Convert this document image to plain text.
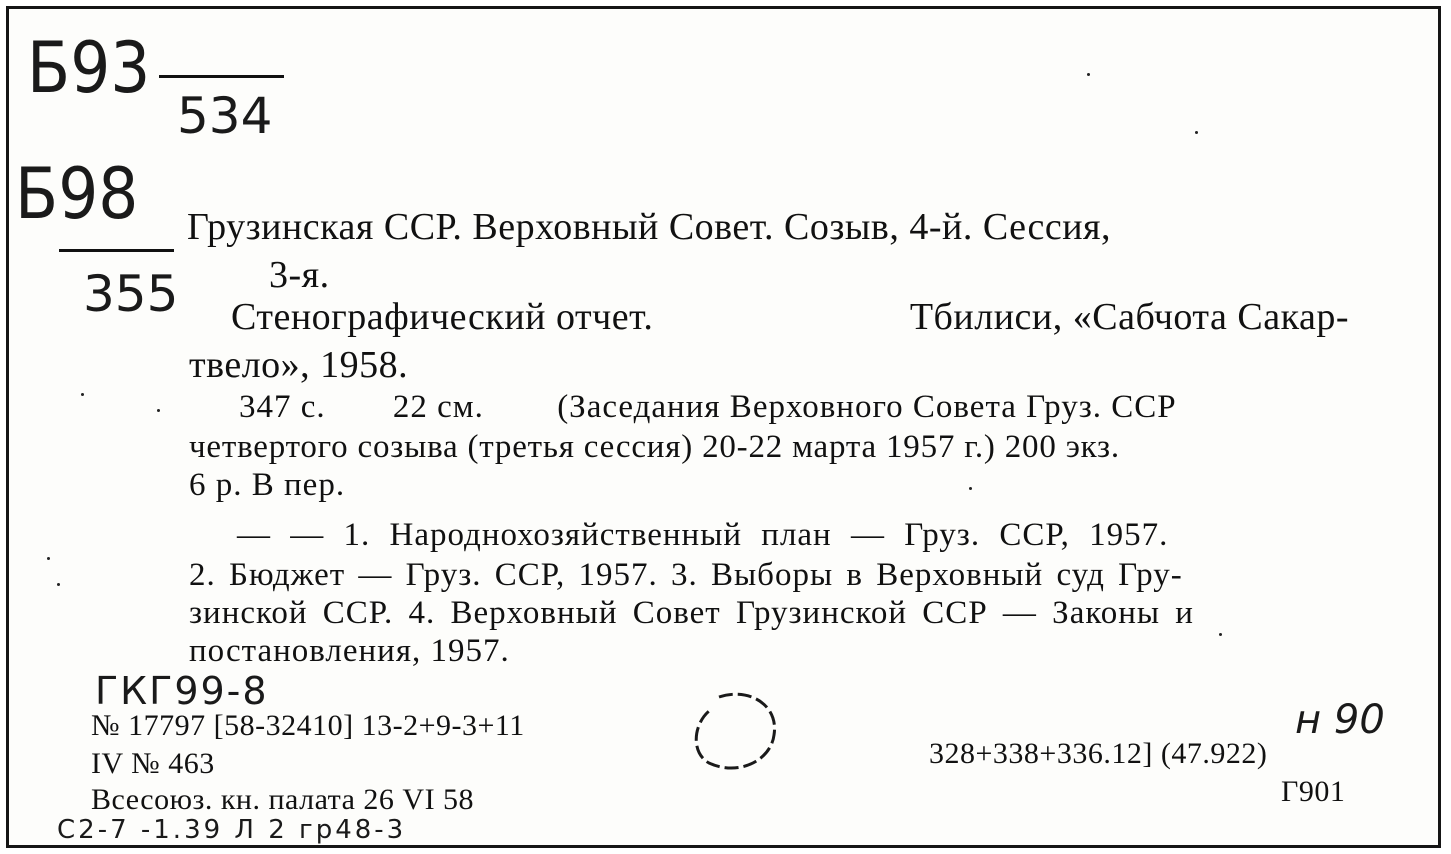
Б93
534
Б98
355
Грузинская ССР. Верховный Совет. Созыв, 4-й. Сессия,
3-я.
Стенографический отчет.	Тбилиси, «Сабчота Сакар-
твело», 1958.
347 с. 22 см. (Заседания Верховного Совета Груз. ССР
четвертого созыва (третья сессия) 20-22 марта 1957 г.) 200 экз.
6 р. В пер.
— — 1. Народнохозяйственный план — Груз. ССР, 1957.
2. Бюджет — Груз. ССР, 1957. 3. Выборы в Верховный суд Гру-
зинской ССР. 4. Верховный Совет Грузинской ССР — Законы и
постановления, 1957.
ГКГ99-8
№ 17797 [58-32410] 13-2+9-3+11
IV № 463
Всесоюз. кн. палата 26 VI 58
С2-7 -1.39 Л 2 гр48-3
н 90
328+338+336.12] (47.922)
Г901
